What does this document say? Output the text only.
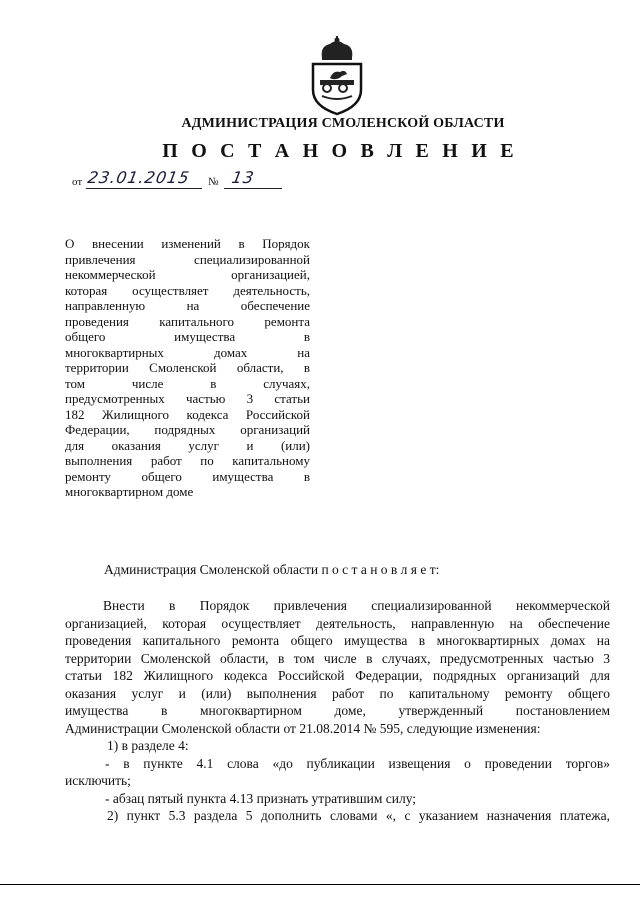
АДМИНИСТРАЦИЯ СМОЛЕНСКОЙ ОБЛАСТИ
П О С Т А Н О В Л Е Н И Е
от 23.01.2015 № 13
О внесении изменений в Порядок
привлечения специализированной
некоммерческой организацией,
которая осуществляет деятельность,
направленную на обеспечение
проведения капитального ремонта
общего имущества в
многоквартирных домах на
территории Смоленской области, в
том числе в случаях,
предусмотренных частью 3 статьи
182 Жилищного кодекса Российской
Федерации, подрядных организаций
для оказания услуг и (или)
выполнения работ по капитальному
ремонту общего имущества в
многоквартирном доме
Администрация Смоленской области п о с т а н о в л я е т:
Внести в Порядок привлечения специализированной некоммерческой
организацией, которая осуществляет деятельность, направленную на обеспечение
проведения капитального ремонта общего имущества в многоквартирных домах на
территории Смоленской области, в том числе в случаях, предусмотренных частью 3
статьи 182 Жилищного кодекса Российской Федерации, подрядных организаций для
оказания услуг и (или) выполнения работ по капитальному ремонту общего
имущества в многоквартирном доме, утвержденный постановлением
Администрации Смоленской области от 21.08.2014 № 595, следующие изменения:
1) в разделе 4:
- в пункте 4.1 слова «до публикации извещения о проведении торгов»
исключить;
- абзац пятый пункта 4.13 признать утратившим силу;
2) пункт 5.3 раздела 5 дополнить словами «, с указанием назначения платежа,
